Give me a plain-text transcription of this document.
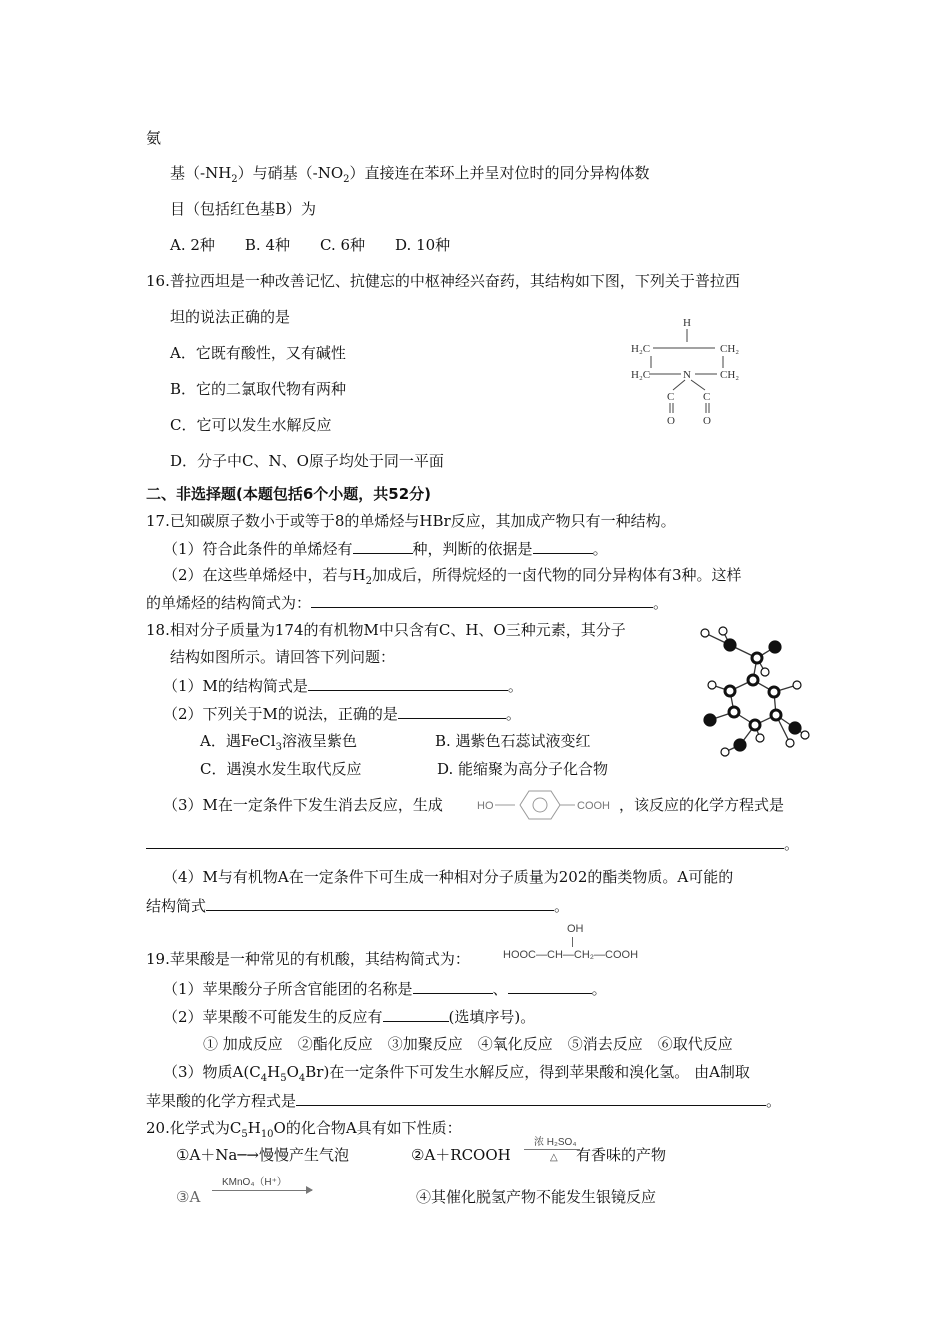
氨
基$(-NH_2)$与硝基$(-NO_2)$直接连在苯环上并呈对位时的同分异构体数
目（包括红色基B）为
A. 2种　　B. 4种　　C. 6种　　D. 10种
16.普拉西坦是一种改善记忆、抗健忘的中枢神经兴奋药，其结构如下图，下列关于普拉西
坦的说法正确的是
A．它既有酸性，又有碱性
B．它的二氯取代物有两种
C．它可以发生水解反应
D．分子中C、N、O原子均处于同一平面
H
H₂C	CH₂
H₂C	N	CH₂
C	C
O	O
二、非选择题(本题包括6个小题，共52分)
17.已知碳原子数小于或等于8的单烯烃与HBr反应，其加成产物只有一种结构。
（1）符合此条件的单烯烃有	种，判断的依据是	。
（2）在这些单烯烃中，若与$H_2$加成后，所得烷烃的一卤代物的同分异构体有3种。这样
的单烯烃的结构简式为：	。
18.相对分子质量为174的有机物M中只含有C、H、O三种元素，其分子
结构如图所示。请回答下列问题：
（1）M的结构简式是	。
（2）下列关于M的说法，正确的是	。
A．遇FeCl$_3$溶液呈紫色	B. 遇紫色石蕊试液变红
C．遇溴水发生取代反应	D. 能缩聚为高分子化合物
（3）M在一定条件下发生消去反应，生成	HO	COOH ，该反应的化学方程式是
。
（4）M与有机物A在一定条件下可生成一种相对分子质量为202的酯类物质。A可能的
结构简式	。
OH
19.苹果酸是一种常见的有机酸，其结构简式为：	HOOC—CH—CH₂—COOH
（1）苹果酸分子所含官能团的名称是	、	。
（2）苹果酸不可能发生的反应有	(选填序号)。
① 加成反应　②酯化反应　③加聚反应　④氧化反应　⑤消去反应　⑥取代反应
（3）物质$A(C_4H_5O_4Br)$在一定条件下可发生水解反应，得到苹果酸和溴化氢。 由A制取
苹果酸的化学方程式是	。
20.化学式为$C_5H_{10}O$的化合物A具有如下性质：
①A＋Na─→慢慢产生气泡	②A＋RCOOH
浓 H₂SO₄
△ 有香味的产物
③A
KMnO₄（H⁺）
④其催化脱氢产物不能发生银镜反应
